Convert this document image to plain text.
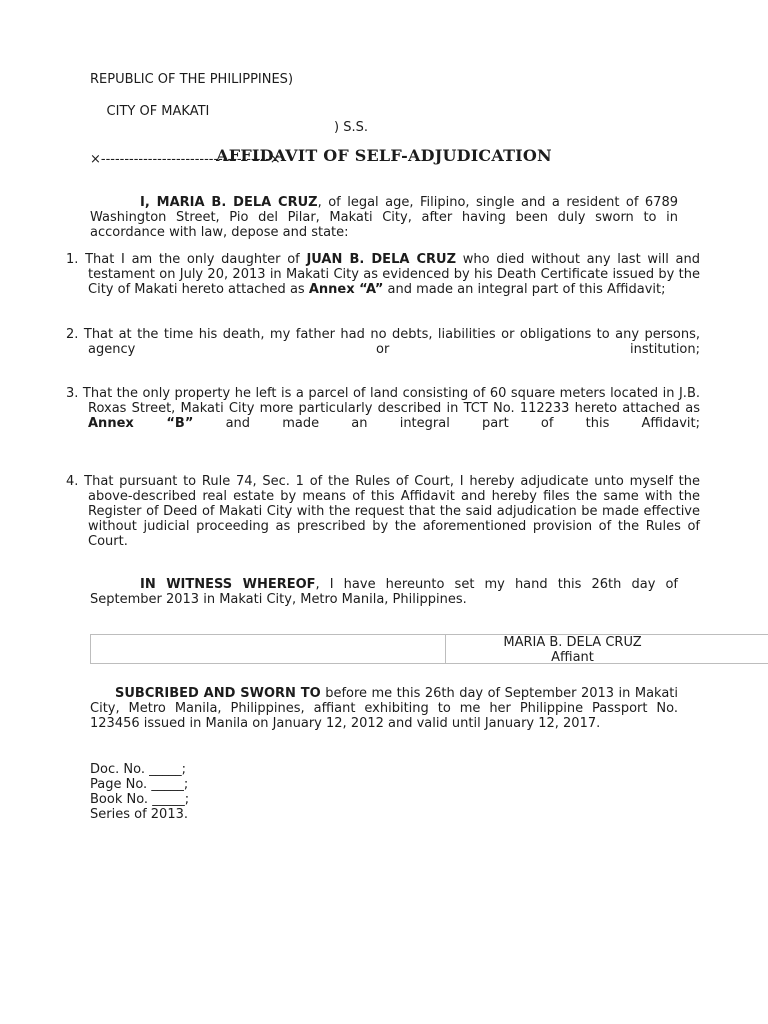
REPUBLIC OF THE PHILIPPINES)

CITY OF MAKATI

) S.S.

×------------------------------------×
AFFIDAVIT OF SELF-ADJUDICATION
I, MARIA B. DELA CRUZ, of legal age, Filipino, single and a resident of 6789 Washington Street, Pio del Pilar, Makati City, after having been duly sworn to in accordance with law, depose and state:
1. That I am the only daughter of JUAN B. DELA CRUZ who died without any last will and testament on July 20, 2013 in Makati City as evidenced by his Death Certificate issued by the City of Makati hereto attached as Annex “A” and made an integral part of this Affidavit;
2. That at the time his death, my father had no debts, liabilities or obligations to any persons, agency or institution;
3. That the only property he left is a parcel of land consisting of 60 square meters located in J.B. Roxas Street, Makati City more particularly described in TCT No. 112233 hereto attached as Annex “B” and made an integral part of this Affidavit;
4. That pursuant to Rule 74, Sec. 1 of the Rules of Court, I hereby adjudicate unto myself the above-described real estate by means of this Affidavit and hereby files the same with the Register of Deed of Makati City with the request that the said adjudication be made effective without judicial proceeding as prescribed by the aforementioned provision of the Rules of Court.
IN WITNESS WHEREOF, I have hereunto set my hand this 26th day of September 2013 in Makati City, Metro Manila, Philippines.
MARIA B. DELA CRUZ
Affiant
SUBCRIBED AND SWORN TO before me this 26th day of September 2013 in Makati City, Metro Manila, Philippines, affiant exhibiting to me her Philippine Passport No. 123456 issued in Manila on January 12, 2012 and valid until January 12, 2017.
Doc. No. _____;
Page No. _____;
Book No. _____;
Series of 2013.
